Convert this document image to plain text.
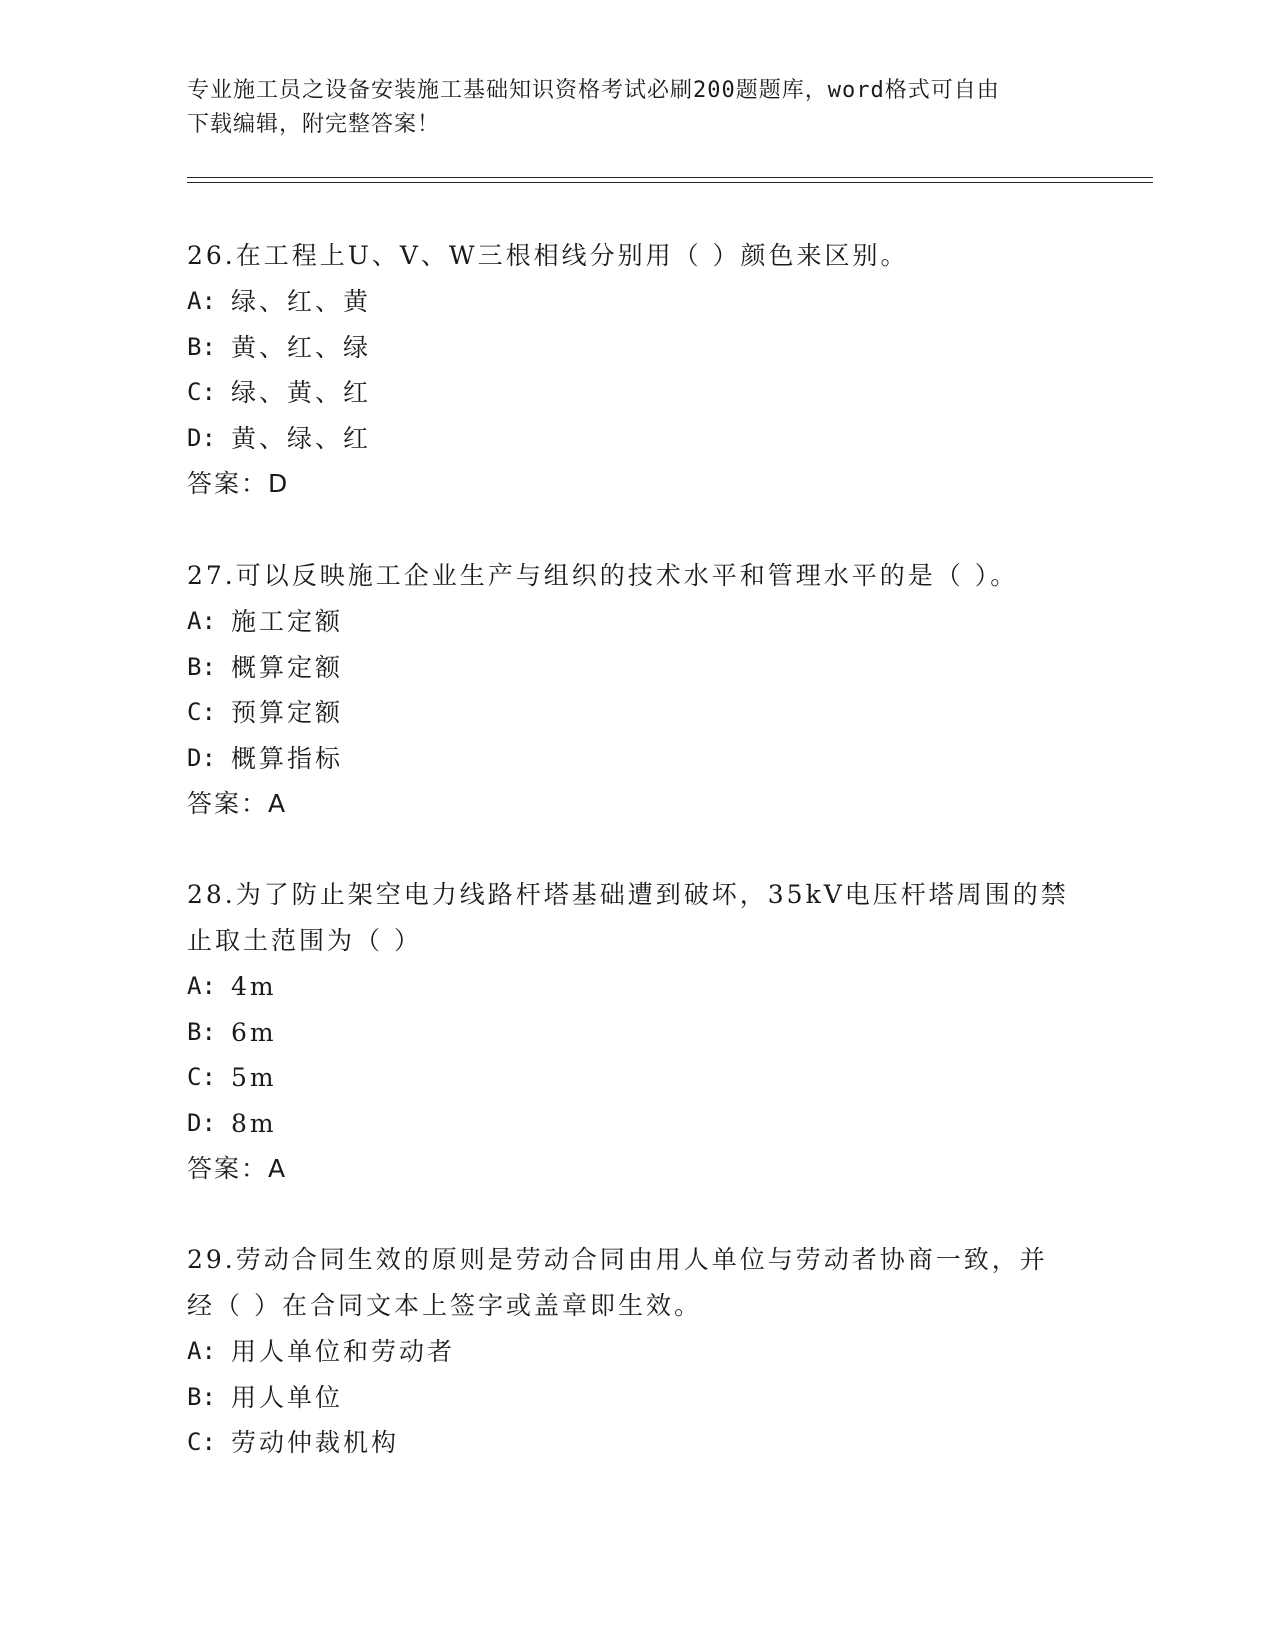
专业施工员之设备安装施工基础知识资格考试必刷200题题库，word格式可自由
下载编辑，附完整答案！
26.在工程上U、V、W三根相线分别用（ ）颜色来区别。
A: 绿、红、黄
B: 黄、红、绿
C: 绿、黄、红
D: 黄、绿、红
答案：D
27.可以反映施工企业生产与组织的技术水平和管理水平的是（ ）。
A: 施工定额
B: 概算定额
C: 预算定额
D: 概算指标
答案：A
28.为了防止架空电力线路杆塔基础遭到破坏，35kV电压杆塔周围的禁
止取土范围为（ ）
A: 4m
B: 6m
C: 5m
D: 8m
答案：A
29.劳动合同生效的原则是劳动合同由用人单位与劳动者协商一致，并
经（ ）在合同文本上签字或盖章即生效。
A: 用人单位和劳动者
B: 用人单位
C: 劳动仲裁机构
